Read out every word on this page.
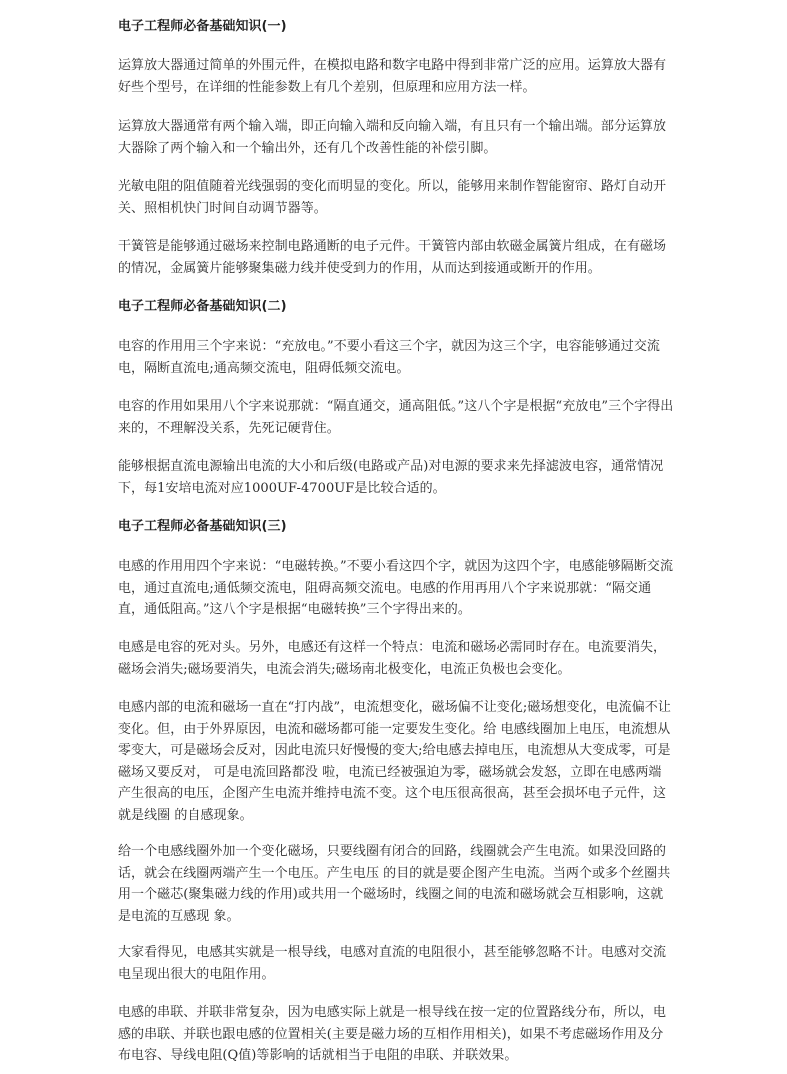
电子工程师必备基础知识(一)
运算放大器通过简单的外围元件，在模拟电路和数字电路中得到非常广泛的应用。运算放大器有好些个型号，在详细的性能参数上有几个差别，但原理和应用方法一样。
运算放大器通常有两个输入端，即正向输入端和反向输入端，有且只有一个输出端。部分运算放大器除了两个输入和一个输出外，还有几个改善性能的补偿引脚。
光敏电阻的阻值随着光线强弱的变化而明显的变化。所以，能够用来制作智能窗帘、路灯自动开关、照相机快门时间自动调节器等。
干簧管是能够通过磁场来控制电路通断的电子元件。干簧管内部由软磁金属簧片组成，在有磁场的情况，金属簧片能够聚集磁力线并使受到力的作用，从而达到接通或断开的作用。
电子工程师必备基础知识(二)
电容的作用用三个字来说：“充放电。”不要小看这三个字，就因为这三个字，电容能够通过交流电，隔断直流电;通高频交流电，阻碍低频交流电。
电容的作用如果用八个字来说那就：“隔直通交，通高阻低。”这八个字是根据“充放电”三个字得出来的，不理解没关系，先死记硬背住。
能够根据直流电源输出电流的大小和后级(电路或产品)对电源的要求来先择滤波电容，通常情况下，每1安培电流对应1000UF-4700UF是比较合适的。
电子工程师必备基础知识(三)
电感的作用用四个字来说：“电磁转换。”不要小看这四个字，就因为这四个字，电感能够隔断交流电，通过直流电;通低频交流电，阻碍高频交流电。电感的作用再用八个字来说那就：“隔交通直，通低阻高。”这八个字是根据“电磁转换”三个字得出来的。
电感是电容的死对头。另外，电感还有这样一个特点：电流和磁场必需同时存在。电流要消失，磁场会消失;磁场要消失，电流会消失;磁场南北极变化，电流正负极也会变化。
电感内部的电流和磁场一直在“打内战”，电流想变化，磁场偏不让变化;磁场想变化，电流偏不让变化。但，由于外界原因，电流和磁场都可能一定要发生变化。给 电感线圈加上电压，电流想从零变大，可是磁场会反对，因此电流只好慢慢的变大;给电感去掉电压，电流想从大变成零，可是磁场又要反对， 可是电流回路都没 啦，电流已经被强迫为零，磁场就会发怒，立即在电感两端产生很高的电压，企图产生电流并维持电流不变。这个电压很高很高，甚至会损坏电子元件，这就是线圈 的自感现象。
给一个电感线圈外加一个变化磁场，只要线圈有闭合的回路，线圈就会产生电流。如果没回路的话，就会在线圈两端产生一个电压。产生电压 的目的就是要企图产生电流。当两个或多个丝圈共用一个磁芯(聚集磁力线的作用)或共用一个磁场时，线圈之间的电流和磁场就会互相影响，这就是电流的互感现 象。
大家看得见，电感其实就是一根导线，电感对直流的电阻很小，甚至能够忽略不计。电感对交流电呈现出很大的电阻作用。
电感的串联、并联非常复杂，因为电感实际上就是一根导线在按一定的位置路线分布，所以，电感的串联、并联也跟电感的位置相关(主要是磁力场的互相作用相关)，如果不考虑磁场作用及分布电容、导线电阻(Q值)等影响的话就相当于电阻的串联、并联效果。
